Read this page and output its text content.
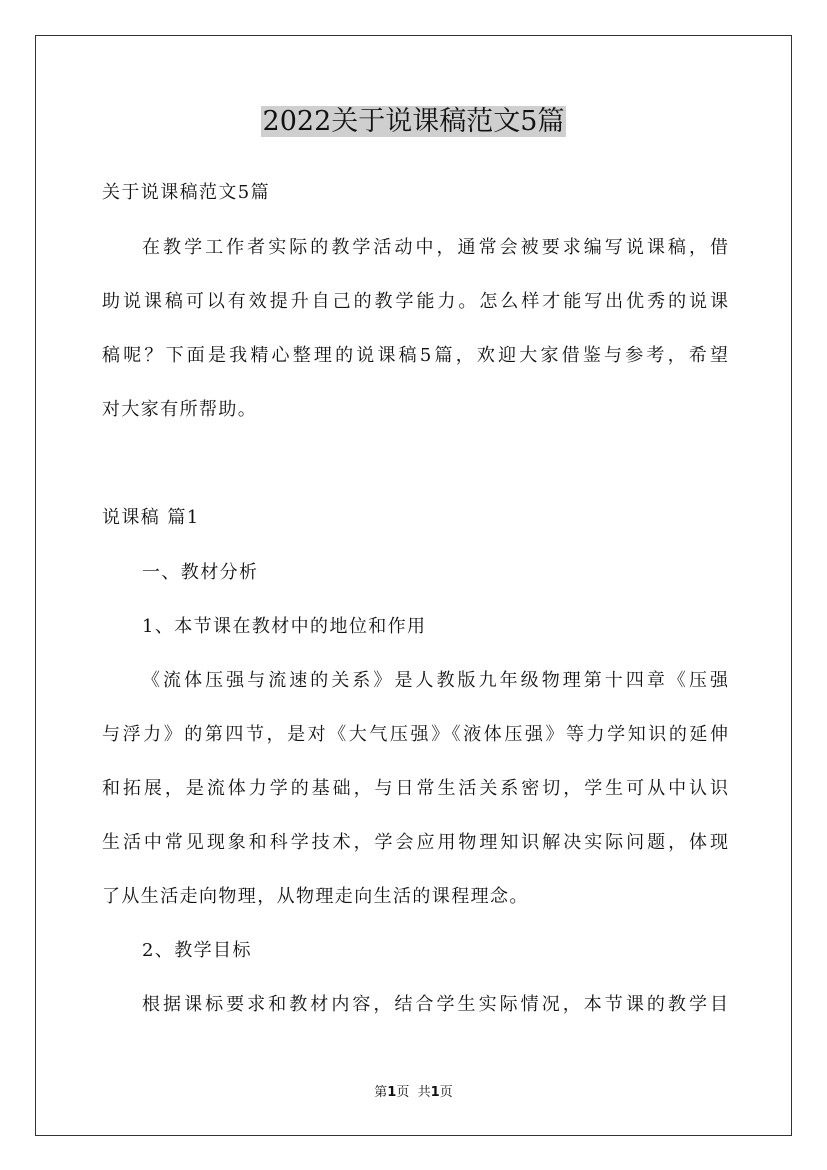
2022关于说课稿范文5篇
关于说课稿范文5篇
在教学工作者实际的教学活动中，通常会被要求编写说课稿，借
助说课稿可以有效提升自己的教学能力。怎么样才能写出优秀的说课
稿呢？下面是我精心整理的说课稿5篇，欢迎大家借鉴与参考，希望
对大家有所帮助。
说课稿 篇1
一、教材分析
1、本节课在教材中的地位和作用
《流体压强与流速的关系》是人教版九年级物理第十四章《压强
与浮力》的第四节，是对《大气压强》《液体压强》等力学知识的延伸
和拓展，是流体力学的基础，与日常生活关系密切，学生可从中认识
生活中常见现象和科学技术，学会应用物理知识解决实际问题，体现
了从生活走向物理，从物理走向生活的课程理念。
2、教学目标
根据课标要求和教材内容，结合学生实际情况，本节课的教学目
第1页 共1页
